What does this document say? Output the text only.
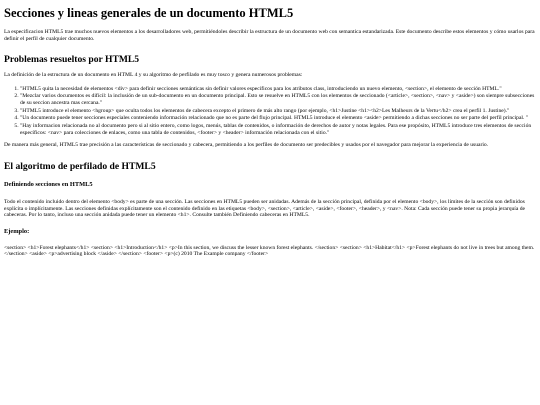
Secciones y lineas generales de un documento HTML5

La especificacion HTML5 trae muchos nuevos elementos a los desarrolladores web, permitiéndoles describir la estructura de un documento web con semantica estandarizada. Este documento describe estos elementos y cómo usarlos para definir el perfil de cualquier documento.

Problemas resueltos por HTML5

La definición de la estructura de un documento en HTML 4 y su algoritmo de perfilado es muy tosco y genera numerosos problemas:

1. "HTML5 quita la necesidad de elementos <div> para definir secciones semánticas sin definir valores específicos para los atributos class, introduciendo un nuevo elemento, <section>, el elemento de sección HTML."
2. "Mezclar varios documentos es difícil: la inclusión de un sub-documento en un documento principal. Esto se resuelve en HTML5 con los elementos de seccionado (<article>, <section>, <nav> y <aside>) son siempre subsecciones de su seccion ancestra mas cercana."
3. "HTML5 introduce el elemento <hgroup> que oculta todos los elementos de cabecera excepto el primero de más alto rango (por ejemplo, <h1>Justine <h1><h2>Les Malheurs de la Vertu</h2> crea el perfil 1. Justine)."
4. "Un documento puede tener secciones especiales conteniendo información relacionado que no es parte del flujo principal. HTML5 introduce el elemento <aside> permitiendo a dichas secciones no ser parte del perfil principal. "
5. "Hay informacion relacionada no al documento pero si al sitio entero, como logos, menús, tablas de contenidos, o información de derechos de autor y notas legales. Para ese propósito, HTML5 introduce tres elementos de sección específicos: <nav> para colecciones de enlaces, como una tabla de contenidos, <footer> y <header> información relacionada con el sitio."

De manera más general, HTML5 trae precisión a las características de seccionado y cabecera, permitiendo a los perfiles de documento ser predecibles y usados por el navegador para mejorar la experiencia de usuario.

El algoritmo de perfilado de HTML5
Definiendo secciones en HTML5

Todo el contenido incluido dentro del elemento <body> es parte de una sección. Las secciones en HTML5 pueden ser anidadas. Además de la sección principal, definida por el elemento <body>, los límites de la sección son definidos explícita o implícitamente. Las secciones definidas explícitamente son el contenido definido en las etiquetas <body>, <section>, <article>, <aside>, <footer>, <header>, y <nav>. Nota: Cada sección puede tener su propia jerarquía de cabeceras. Por lo tanto, incluso una sección anidada puede tener un elemento <h1>. Consulte también Definiendo cabeceras en HTML5.

Ejemplo:

<section> <h1>Forest elephants</h1> <section> <h1>Introduction</h1> <p>In this section, we discuss the lesser known forest elephants. </section> <section> <h1>Habitat</h1> <p>Forest elephants do not live in trees but among them. </section> <aside> <p>advertising block </aside> </section> <footer> <p>(c) 2010 The Example company </footer>
